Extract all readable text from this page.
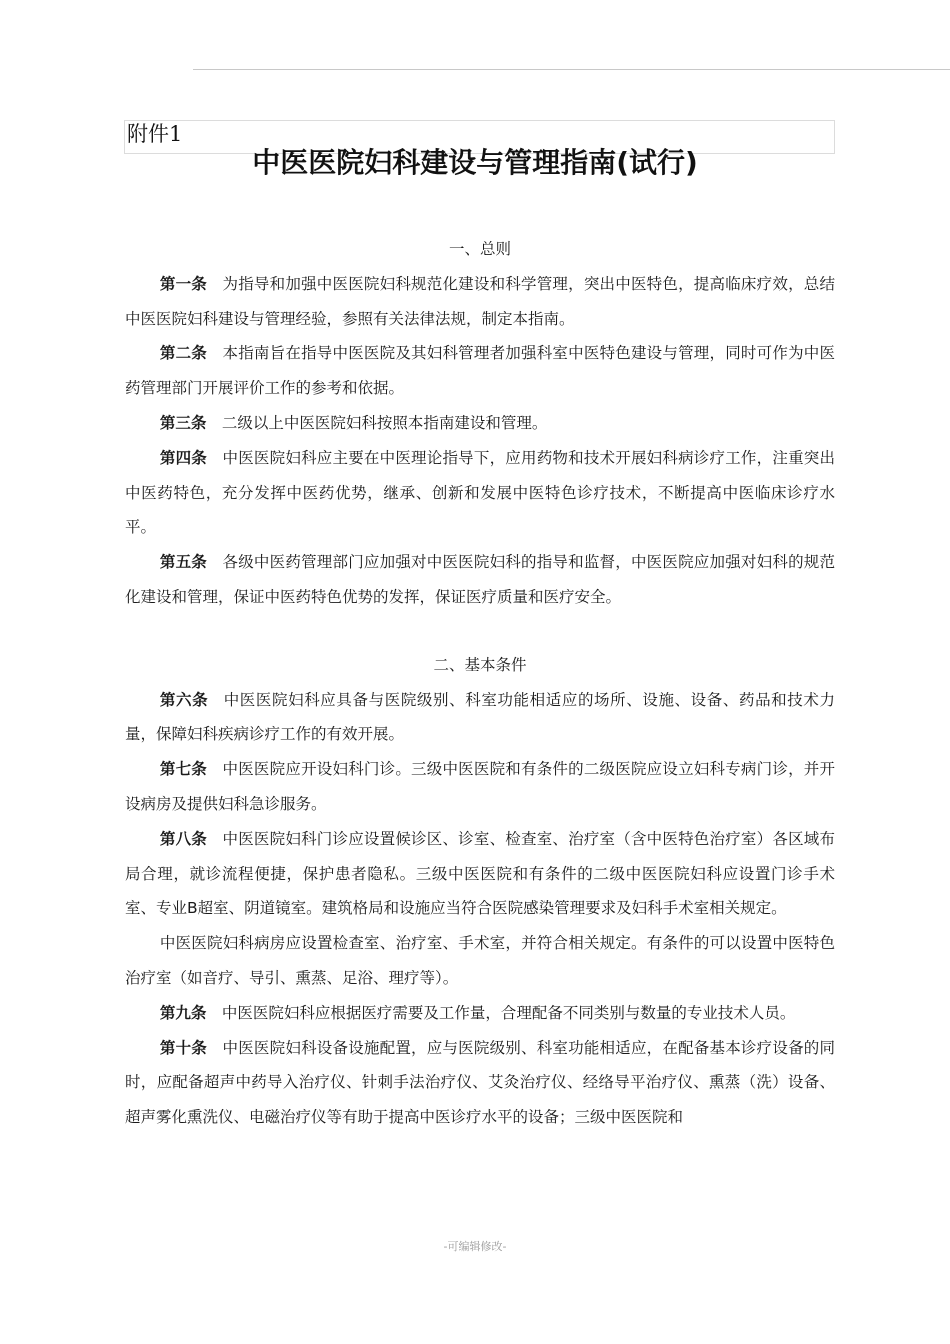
附件1
中医医院妇科建设与管理指南(试行)

一、总则

第一条 为指导和加强中医医院妇科规范化建设和科学管理，突出中医特色，提高临床疗效，总结中医医院妇科建设与管理经验，参照有关法律法规，制定本指南。

第二条 本指南旨在指导中医医院及其妇科管理者加强科室中医特色建设与管理，同时可作为中医药管理部门开展评价工作的参考和依据。

第三条 二级以上中医医院妇科按照本指南建设和管理。

第四条 中医医院妇科应主要在中医理论指导下，应用药物和技术开展妇科病诊疗工作，注重突出中医药特色，充分发挥中医药优势，继承、创新和发展中医特色诊疗技术，不断提高中医临床诊疗水平。

第五条 各级中医药管理部门应加强对中医医院妇科的指导和监督，中医医院应加强对妇科的规范化建设和管理，保证中医药特色优势的发挥，保证医疗质量和医疗安全。

二、基本条件

第六条 中医医院妇科应具备与医院级别、科室功能相适应的场所、设施、设备、药品和技术力量，保障妇科疾病诊疗工作的有效开展。

第七条 中医医院应开设妇科门诊。三级中医医院和有条件的二级医院应设立妇科专病门诊，并开设病房及提供妇科急诊服务。

第八条 中医医院妇科门诊应设置候诊区、诊室、检查室、治疗室（含中医特色治疗室）各区域布局合理，就诊流程便捷，保护患者隐私。三级中医医院和有条件的二级中医医院妇科应设置门诊手术室、专业B超室、阴道镜室。建筑格局和设施应当符合医院感染管理要求及妇科手术室相关规定。

中医医院妇科病房应设置检查室、治疗室、手术室，并符合相关规定。有条件的可以设置中医特色治疗室（如音疗、导引、熏蒸、足浴、理疗等）。

第九条 中医医院妇科应根据医疗需要及工作量，合理配备不同类别与数量的专业技术人员。

第十条 中医医院妇科设备设施配置，应与医院级别、科室功能相适应，在配备基本诊疗设备的同时，应配备超声中药导入治疗仪、针刺手法治疗仪、艾灸治疗仪、经络导平治疗仪、熏蒸（洗）设备、超声雾化熏洗仪、电磁治疗仪等有助于提高中医诊疗水平的设备；三级中医医院和

-可编辑修改-
